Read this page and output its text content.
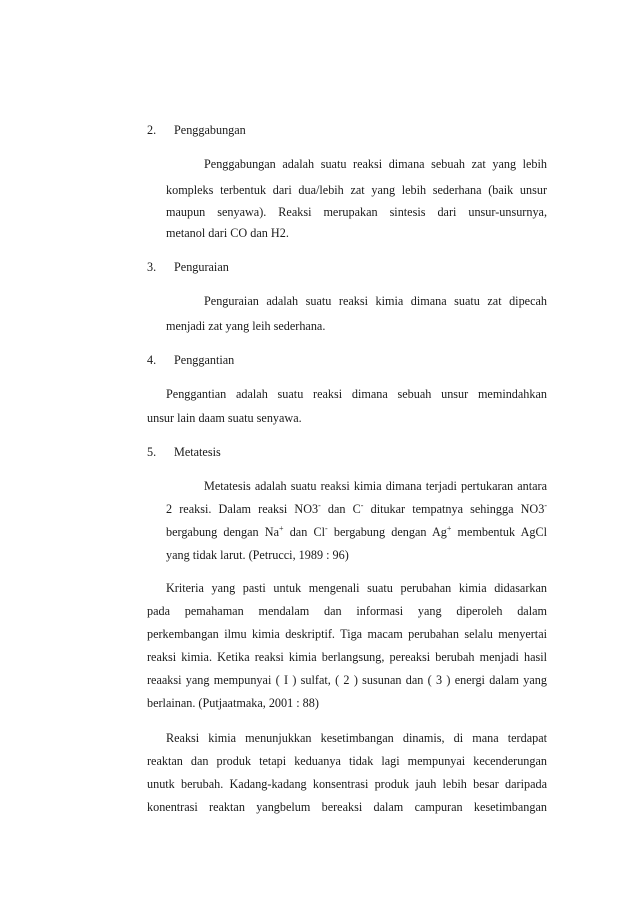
2. Penggabungan
Penggabungan adalah suatu reaksi dimana sebuah zat yang lebih
kompleks terbentuk dari dua/lebih zat yang lebih sederhana (baik unsur
maupun senyawa). Reaksi merupakan sintesis dari unsur-unsurnya,
metanol dari CO dan H2.
3. Penguraian
Penguraian adalah suatu reaksi kimia dimana suatu zat dipecah
menjadi zat yang leih sederhana.
4. Penggantian
Penggantian adalah suatu reaksi dimana sebuah unsur memindahkan
unsur lain daam suatu senyawa.
5. Metatesis
Metatesis adalah suatu reaksi kimia dimana terjadi pertukaran antara
2 reaksi. Dalam reaksi NO3- dan C- ditukar tempatnya sehingga NO3-
bergabung dengan Na+ dan Cl- bergabung dengan Ag+ membentuk AgCl
yang tidak larut. (Petrucci, 1989 : 96)
Kriteria yang pasti untuk mengenali suatu perubahan kimia didasarkan
pada pemahaman mendalam dan informasi yang diperoleh dalam
perkembangan ilmu kimia deskriptif. Tiga macam perubahan selalu menyertai
reaksi kimia. Ketika reaksi kimia berlangsung, pereaksi berubah menjadi hasil
reaaksi yang mempunyai ( I ) sulfat, ( 2 ) susunan dan ( 3 ) energi dalam yang
berlainan. (Putjaatmaka, 2001 : 88)
Reaksi kimia menunjukkan kesetimbangan dinamis, di mana terdapat
reaktan dan produk tetapi keduanya tidak lagi mempunyai kecenderungan
unutk berubah. Kadang-kadang konsentrasi produk jauh lebih besar daripada
konentrasi reaktan yangbelum bereaksi dalam campuran kesetimbangan
